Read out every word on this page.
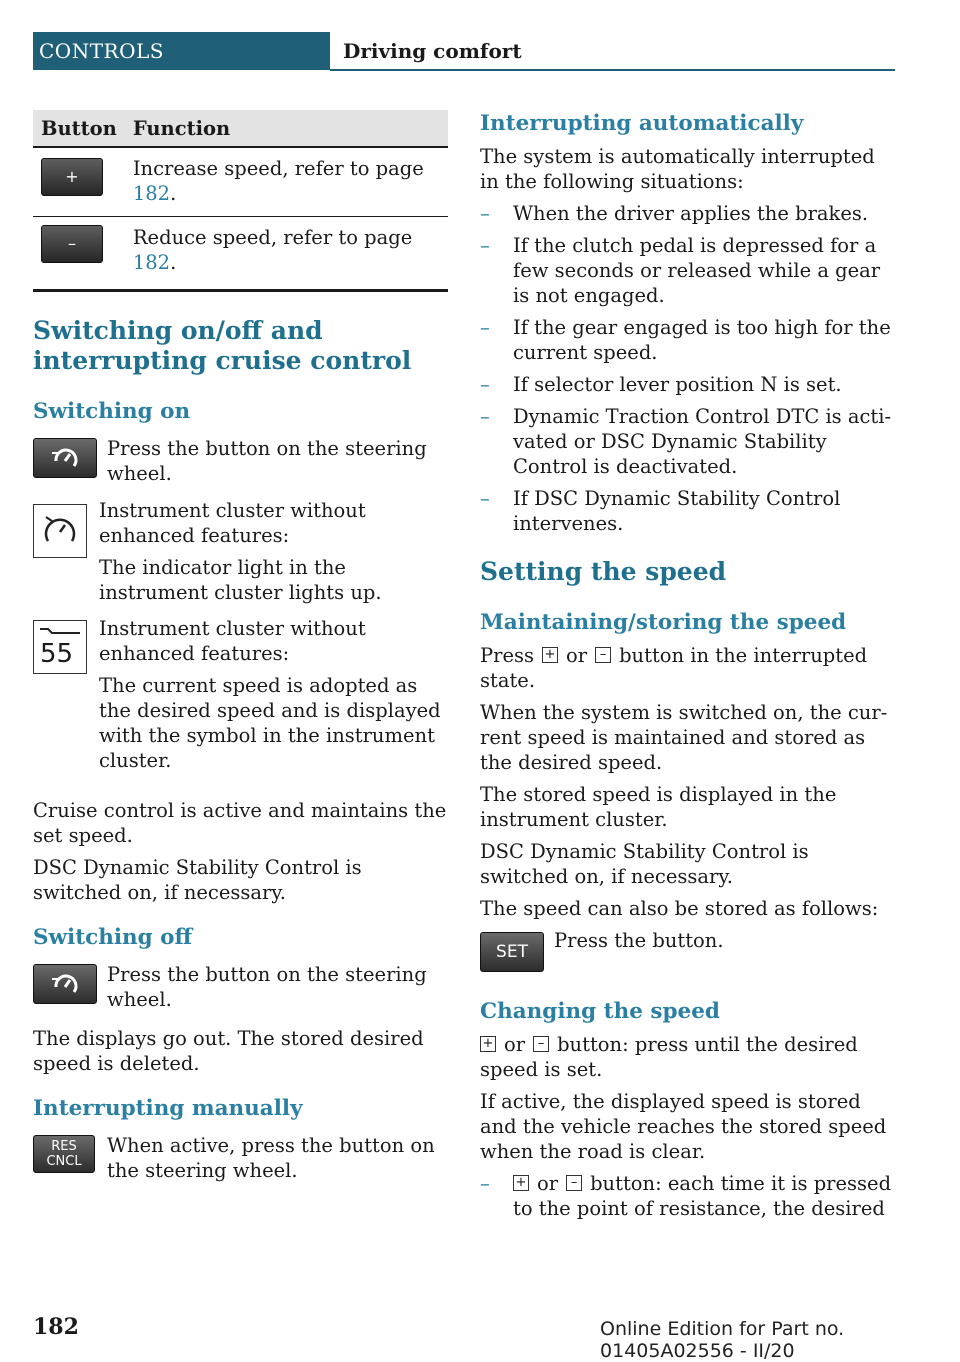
CONTROLS	Driving comfort
Button	Function
+	Increase speed, refer to page 182.
–	Reduce speed, refer to page 182.
Switching on/off and interrupting cruise control
Switching on
Press the button on the steering wheel.
Instrument cluster without enhanced features:
The indicator light in the instrument cluster lights up.
55
Instrument cluster without enhanced features:
The current speed is adopted as the desired speed and is displayed with the symbol in the instrument cluster.

Cruise control is active and maintains the set speed.

DSC Dynamic Stability Control is switched on, if necessary.

Switching off
Press the button on the steering wheel.

The displays go out. The stored desired speed is deleted.

Interrupting manually
RES
CNCL
When active, press the button on the steering wheel.
Interrupting automatically

The system is automatically interrupted in the following situations:

– When the driver applies the brakes.
– If the clutch pedal is depressed for a few seconds or released while a gear is not engaged.
– If the gear engaged is too high for the current speed.
– If selector lever position N is set.
– Dynamic Traction Control DTC is activated or DSC Dynamic Stability Control is deactivated.
– If DSC Dynamic Stability Control intervenes.
Setting the speed
Maintaining/storing the speed

Press + or – button in the interrupted state.

When the system is switched on, the current speed is maintained and stored as the desired speed.

The stored speed is displayed in the instrument cluster.

DSC Dynamic Stability Control is switched on, if necessary.

The speed can also be stored as follows:

SET	Press the button.
Changing the speed

+ or – button: press until the desired speed is set.

If active, the displayed speed is stored and the vehicle reaches the stored speed when the road is clear.

– + or – button: each time it is pressed to the point of resistance, the desired
182	Online Edition for Part no. 01405A02556 - II/20
